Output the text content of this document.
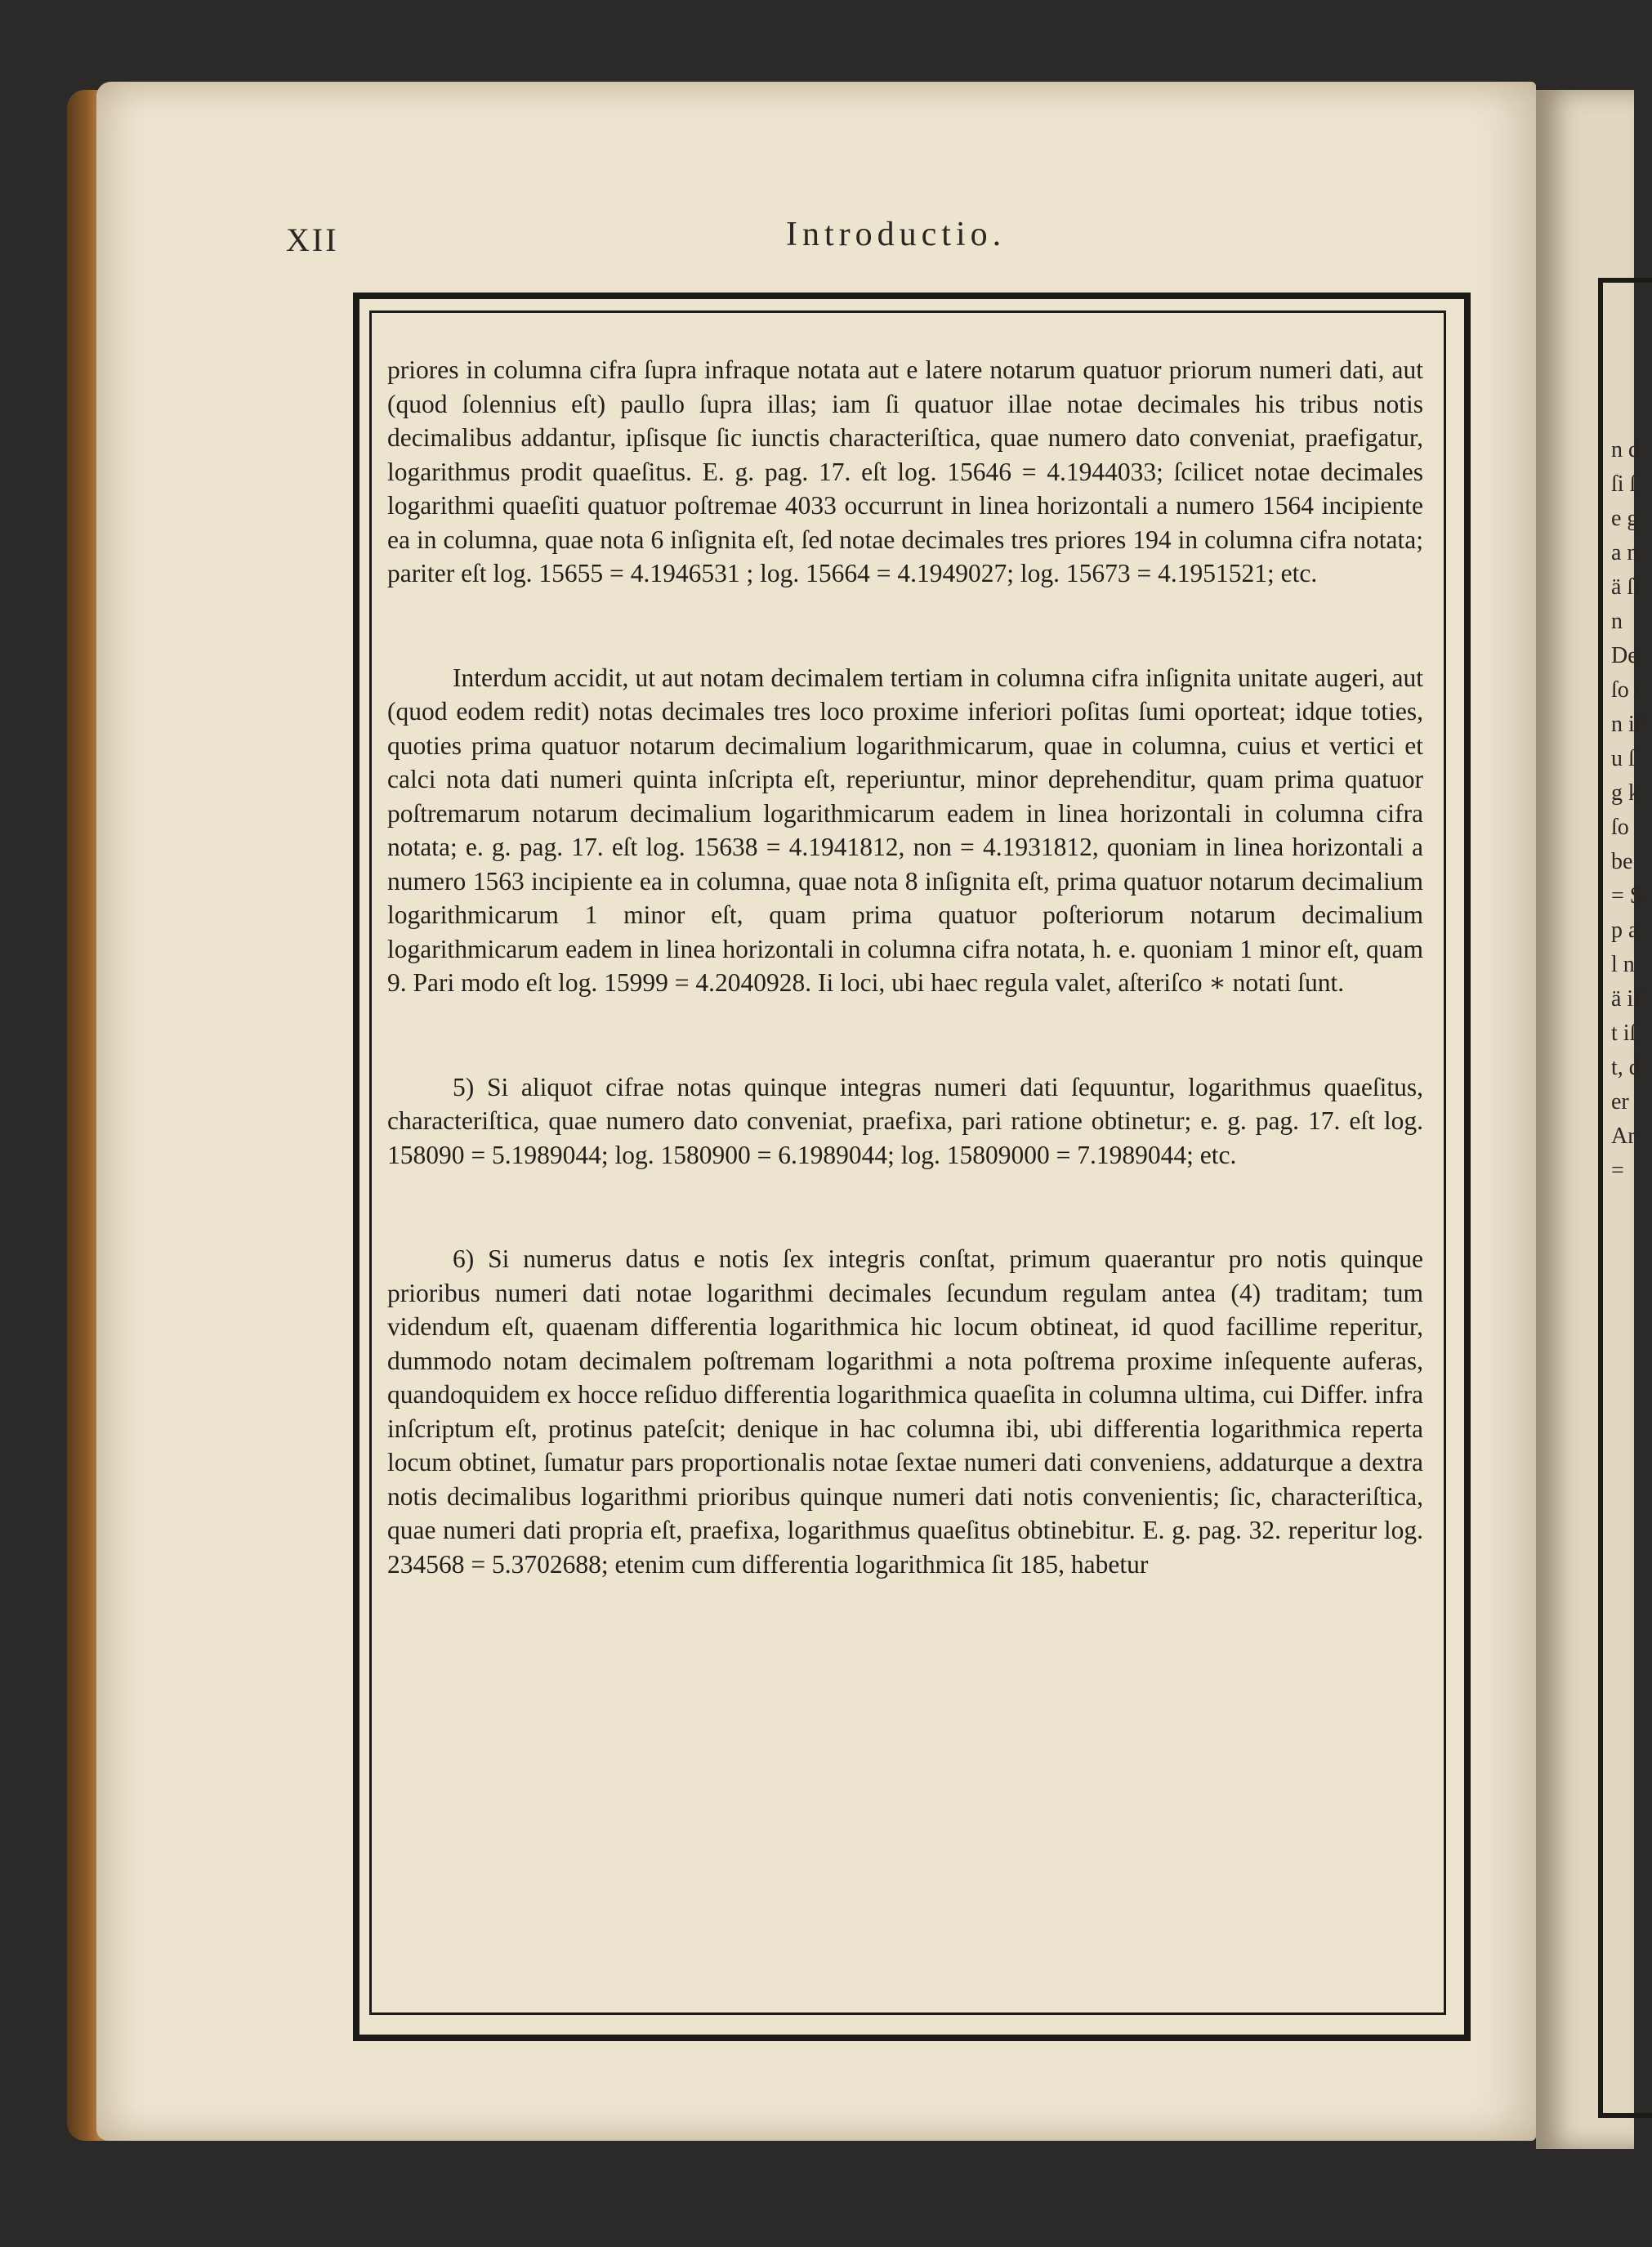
n d ſi ſe ga nä ſin De ſo in if u ſ g k ſo be = Sp al nä iſt iſt, der Ar =
XII	Introductio.

priores in columna cifra ſupra infraque notata aut e latere notarum quatuor priorum numeri dati, aut (quod ſolennius eſt) paullo ſupra illas; iam ſi quatuor illae notae decimales his tribus notis decimalibus addantur, ipſisque ſic iunctis characteriſtica, quae numero dato conveniat, praefigatur, logarithmus prodit quaeſitus. E. g. pag. 17. eſt log. 15646 = 4.1944033; ſcilicet notae decimales logarithmi quaeſiti quatuor poſtremae 4033 occurrunt in linea horizontali a numero 1564 incipiente ea in columna, quae nota 6 inſignita eſt, ſed notae decimales tres priores 194 in columna cifra notata; pariter eſt log. 15655 = 4.1946531 ; log. 15664 = 4.1949027; log. 15673 = 4.1951521; etc.

Interdum accidit, ut aut notam decimalem tertiam in columna cifra inſignita unitate augeri, aut (quod eodem redit) notas decimales tres loco proxime inferiori poſitas ſumi oporteat; idque toties, quoties prima quatuor notarum decimalium logarithmicarum, quae in columna, cuius et vertici et calci nota dati numeri quinta inſcripta eſt, reperiuntur, minor deprehenditur, quam prima quatuor poſtremarum notarum decimalium logarithmicarum eadem in linea horizontali in columna cifra notata; e. g. pag. 17. eſt log. 15638 = 4.1941812, non = 4.1931812, quoniam in linea horizontali a numero 1563 incipiente ea in columna, quae nota 8 inſignita eſt, prima quatuor notarum decimalium logarithmicarum 1 minor eſt, quam prima quatuor poſteriorum notarum decimalium logarithmicarum eadem in linea horizontali in columna cifra notata, h. e. quoniam 1 minor eſt, quam 9. Pari modo eſt log. 15999 = 4.2040928. Ii loci, ubi haec regula valet, aſteriſco ∗ notati ſunt.

5) Si aliquot cifrae notas quinque integras numeri dati ſequuntur, logarithmus quaeſitus, characteriſtica, quae numero dato conveniat, praefixa, pari ratione obtinetur; e. g. pag. 17. eſt log. 158090 = 5.1989044; log. 1580900 = 6.1989044; log. 15809000 = 7.1989044; etc.

6) Si numerus datus e notis ſex integris conſtat, primum quaerantur pro notis quinque prioribus numeri dati notae logarithmi decimales ſecundum regulam antea (4) traditam; tum videndum eſt, quaenam differentia logarithmica hic locum obtineat, id quod facillime reperitur, dummodo notam decimalem poſtremam logarithmi a nota poſtrema proxime inſequente auferas, quandoquidem ex hocce reſiduo differentia logarithmica quaeſita in columna ultima, cui Differ. infra inſcriptum eſt, protinus pateſcit; denique in hac columna ibi, ubi differentia logarithmica reperta locum obtinet, ſumatur pars proportionalis notae ſextae numeri dati conveniens, addaturque a dextra notis decimalibus logarithmi prioribus quinque numeri dati notis convenientis; ſic, characteriſtica, quae numeri dati propria eſt, praefixa, logarithmus quaeſitus obtinebitur. E. g. pag. 32. reperitur log. 234568 = 5.3702688; etenim cum differentia logarithmica ſit 185, habetur
